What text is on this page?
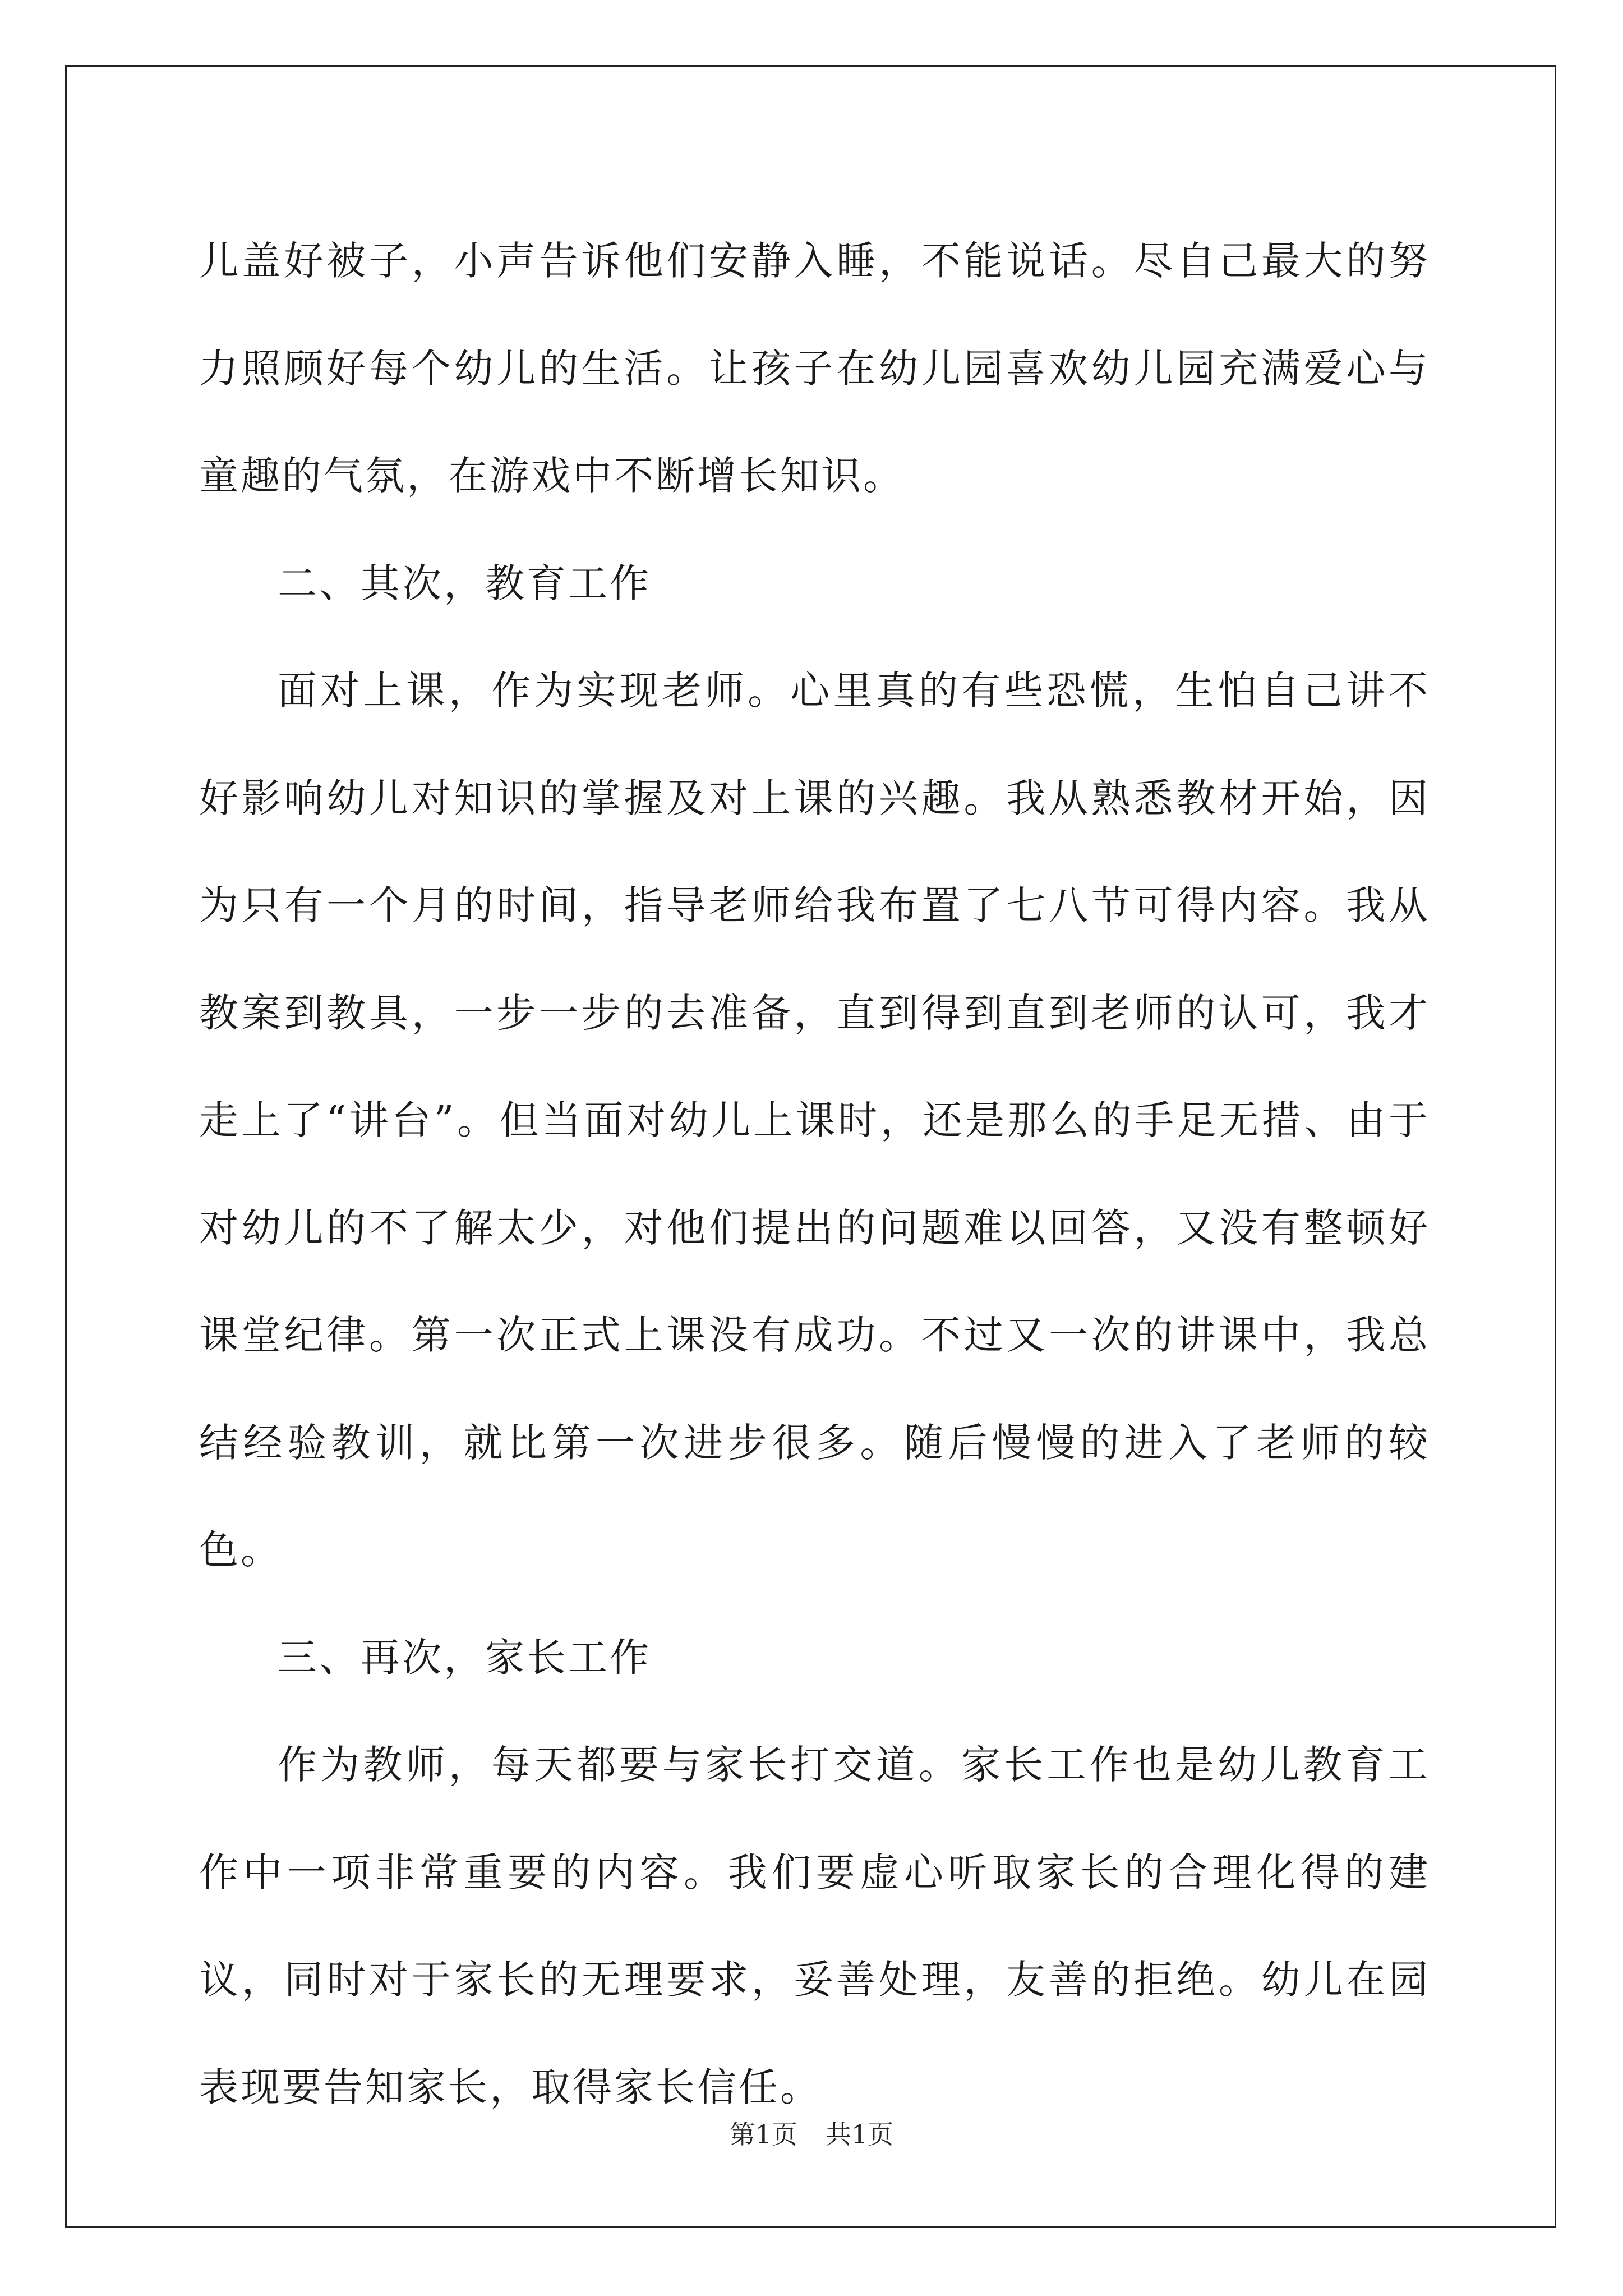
儿盖好被子，小声告诉他们安静入睡，不能说话。尽自己最大的努力照顾好每个幼儿的生活。让孩子在幼儿园喜欢幼儿园充满爱心与童趣的气氛，在游戏中不断增长知识。

二、其次，教育工作

面对上课，作为实现老师。心里真的有些恐慌，生怕自己讲不好影响幼儿对知识的掌握及对上课的兴趣。我从熟悉教材开始，因为只有一个月的时间，指导老师给我布置了七八节可得内容。我从教案到教具，一步一步的去准备，直到得到直到老师的认可，我才走上了“讲台”。但当面对幼儿上课时，还是那么的手足无措、由于对幼儿的不了解太少，对他们提出的问题难以回答，又没有整顿好课堂纪律。第一次正式上课没有成功。不过又一次的讲课中，我总结经验教训，就比第一次进步很多。随后慢慢的进入了老师的较色。

三、再次，家长工作

作为教师，每天都要与家长打交道。家长工作也是幼儿教育工作中一项非常重要的内容。我们要虚心听取家长的合理化得的建议，同时对于家长的无理要求，妥善处理，友善的拒绝。幼儿在园表现要告知家长，取得家长信任。

第1页 共1页
